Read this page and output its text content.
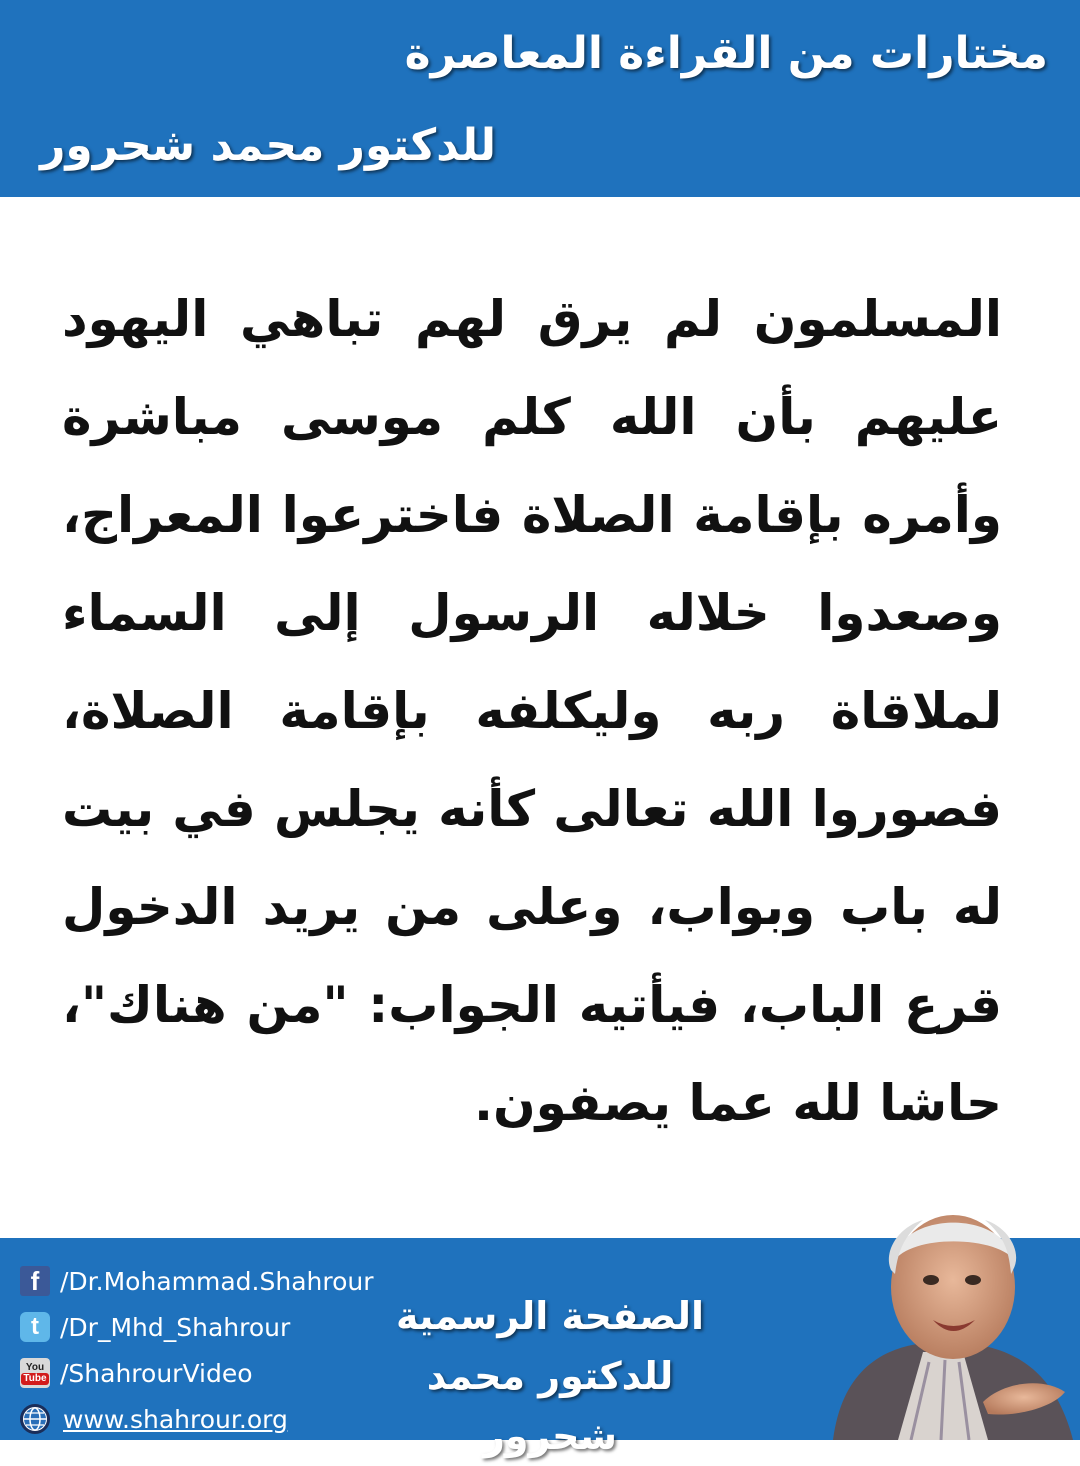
مختارات من القراءة المعاصرة
للدكتور محمد شحرور

المسلمون لم يرق لهم تباهي اليهود عليهم بأن الله كلم موسى مباشرة وأمره بإقامة الصلاة فاخترعوا المعراج، وصعدوا خلاله الرسول إلى السماء لملاقاة ربه وليكلفه بإقامة الصلاة، فصوروا الله تعالى كأنه يجلس في بيت له باب وبواب، وعلى من يريد الدخول قرع الباب، فيأتيه الجواب: "من هناك"، حاشا لله عما يصفون.

f /Dr.Mohammad.Shahrour
t /Dr_Mhd_Shahrour
You
Tube /ShahrourVideo
www.shahrour.org
الصفحة الرسمية
للدكتور محمد شحرور
